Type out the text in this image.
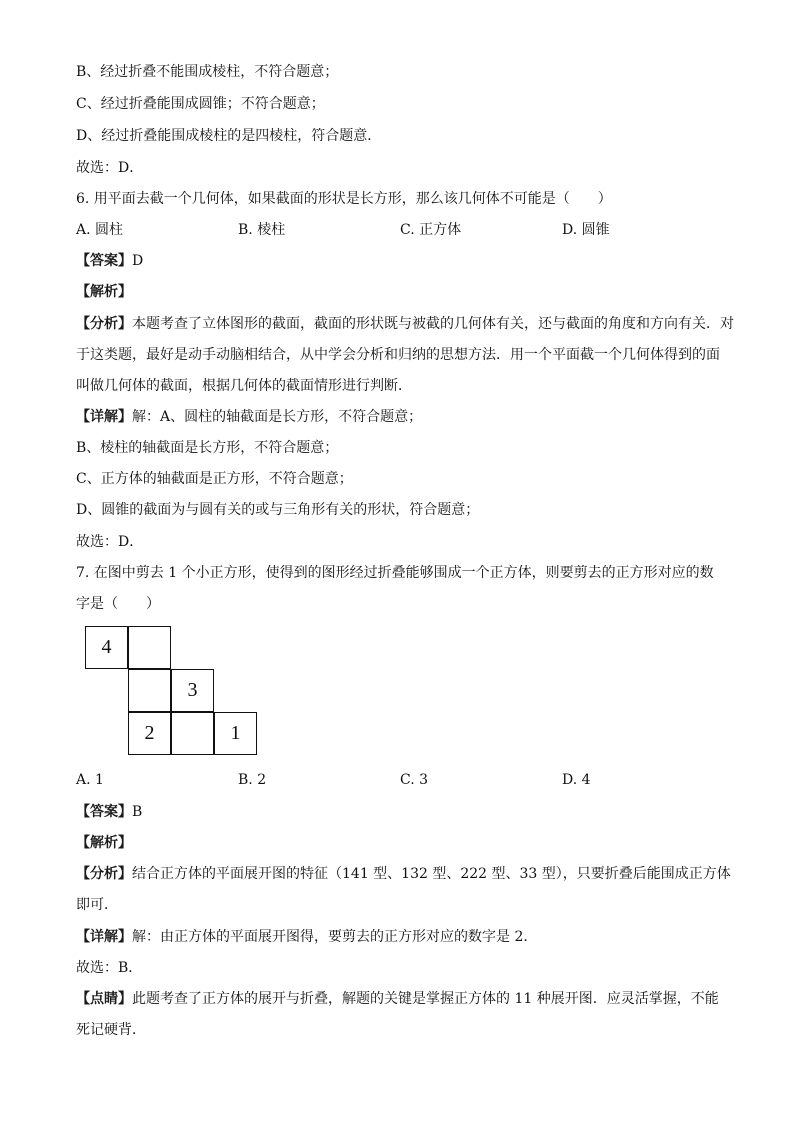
B、经过折叠不能围成棱柱，不符合题意；
C、经过折叠能围成圆锥；不符合题意；
D、经过折叠能围成棱柱的是四棱柱，符合题意．
故选：D．
6. 用平面去截一个几何体，如果截面的形状是长方形，那么该几何体不可能是（　　）
A. 圆柱	B. 棱柱	C. 正方体	D. 圆锥
【答案】D
【解析】
【分析】本题考查了立体图形的截面，截面的形状既与被截的几何体有关，还与截面的角度和方向有关．对
于这类题，最好是动手动脑相结合，从中学会分析和归纳的思想方法．用一个平面截一个几何体得到的面
叫做几何体的截面，根据几何体的截面情形进行判断．
【详解】解：A、圆柱的轴截面是长方形，不符合题意；
B、棱柱的轴截面是长方形，不符合题意；
C、正方体的轴截面是正方形，不符合题意；
D、圆锥的截面为与圆有关的或与三角形有关的形状，符合题意；
故选：D．
7. 在图中剪去 1 个小正方形，使得到的图形经过折叠能够围成一个正方体，则要剪去的正方形对应的数
字是（　　）
4
3
2	1
A. 1	B. 2	C. 3	D. 4
【答案】B
【解析】
【分析】结合正方体的平面展开图的特征（141 型、132 型、222 型、33 型），只要折叠后能围成正方体
即可．
【详解】解：由正方体的平面展开图得，要剪去的正方形对应的数字是 2．
故选：B．
【点睛】此题考查了正方体的展开与折叠，解题的关键是掌握正方体的 11 种展开图．应灵活掌握，不能
死记硬背．
